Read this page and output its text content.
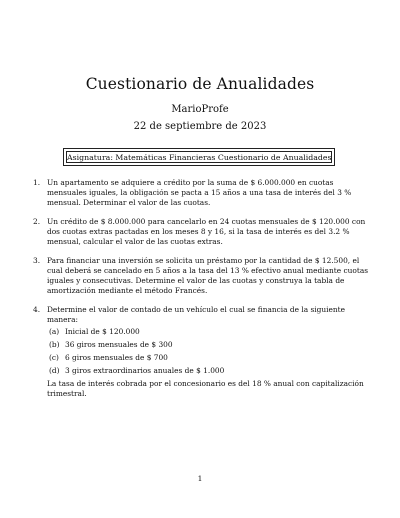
Cuestionario de Anualidades
MarioProfe
22 de septiembre de 2023
Asignatura: Matemáticas Financieras Cuestionario de Anualidades
1. Un apartamento se adquiere a crédito por la suma de $ 6.000.000 en cuotas mensuales iguales, la obligación se pacta a 15 años a una tasa de interés del 3 % mensual. Determinar el valor de las cuotas.
2. Un crédito de $ 8.000.000 para cancelarlo en 24 cuotas mensuales de $ 120.000 con dos cuotas extras pactadas en los meses 8 y 16, si la tasa de interés es del 3.2 % mensual, calcular el valor de las cuotas extras.
3. Para financiar una inversión se solicita un préstamo por la cantidad de $ 12.500, el cual deberá se cancelado en 5 años a la tasa del 13 % efectivo anual mediante cuotas iguales y consecutivas. Determine el valor de las cuotas y construya la tabla de amortización mediante el método Francés.
4. Determine el valor de contado de un vehículo el cual se financia de la siguiente manera:
(a) Inicial de $ 120.000
(b) 36 giros mensuales de $ 300
(c) 6 giros mensuales de $ 700
(d) 3 giros extraordinarios anuales de $ 1.000
La tasa de interés cobrada por el concesionario es del 18 % anual con capitalización trimestral.
1
